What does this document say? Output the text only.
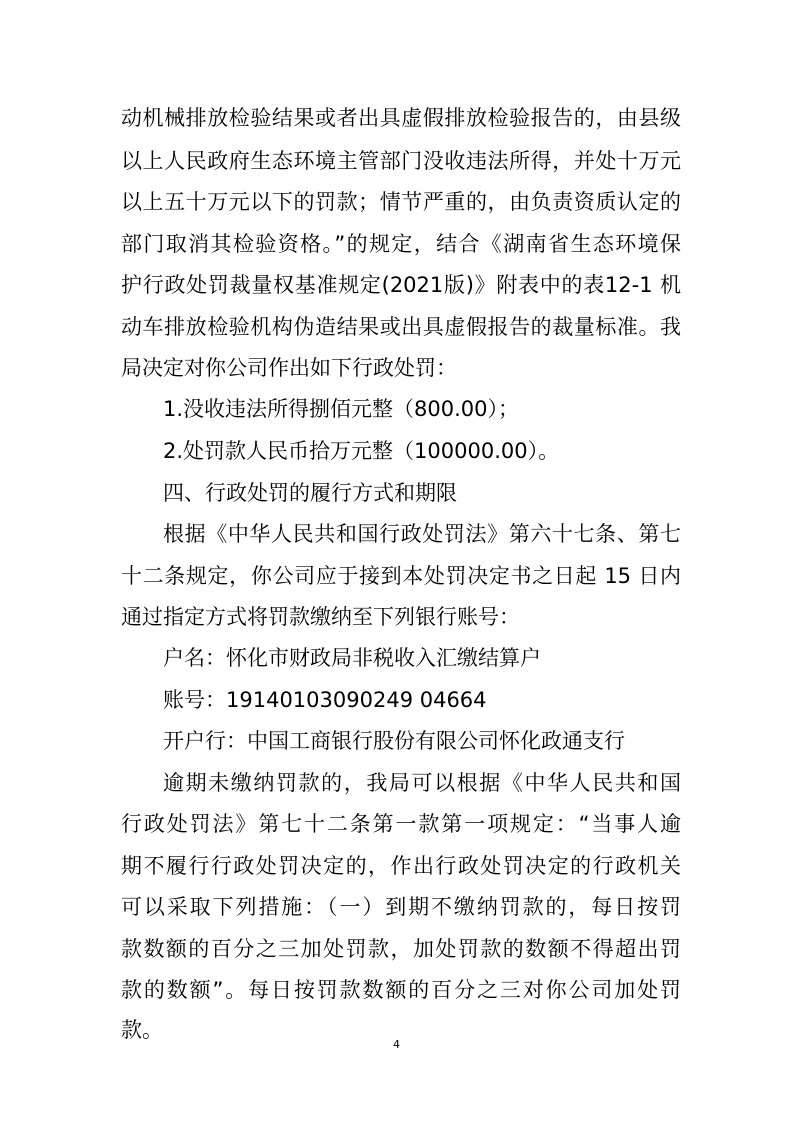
动机械排放检验结果或者出具虚假排放检验报告的，由县级
以上人民政府生态环境主管部门没收违法所得，并处十万元
以上五十万元以下的罚款；情节严重的，由负责资质认定的
部门取消其检验资格。”的规定，结合《湖南省生态环境保
护行政处罚裁量权基准规定(2021版)》附表中的表12-1 机
动车排放检验机构伪造结果或出具虚假报告的裁量标准。我
局决定对你公司作出如下行政处罚：
1.没收违法所得捌佰元整（800.00）；
2.处罚款人民币拾万元整（100000.00）。
四、行政处罚的履行方式和期限
根据《中华人民共和国行政处罚法》第六十七条、第七
十二条规定，你公司应于接到本处罚决定书之日起 15 日内
通过指定方式将罚款缴纳至下列银行账号：
户名：怀化市财政局非税收入汇缴结算户
账号：19140103090249 04664
开户行：中国工商银行股份有限公司怀化政通支行
逾期未缴纳罚款的，我局可以根据《中华人民共和国
行政处罚法》第七十二条第一款第一项规定：“当事人逾
期不履行行政处罚决定的，作出行政处罚决定的行政机关
可以采取下列措施：（一）到期不缴纳罚款的，每日按罚
款数额的百分之三加处罚款，加处罚款的数额不得超出罚
款的数额”。每日按罚款数额的百分之三对你公司加处罚
款。
4
